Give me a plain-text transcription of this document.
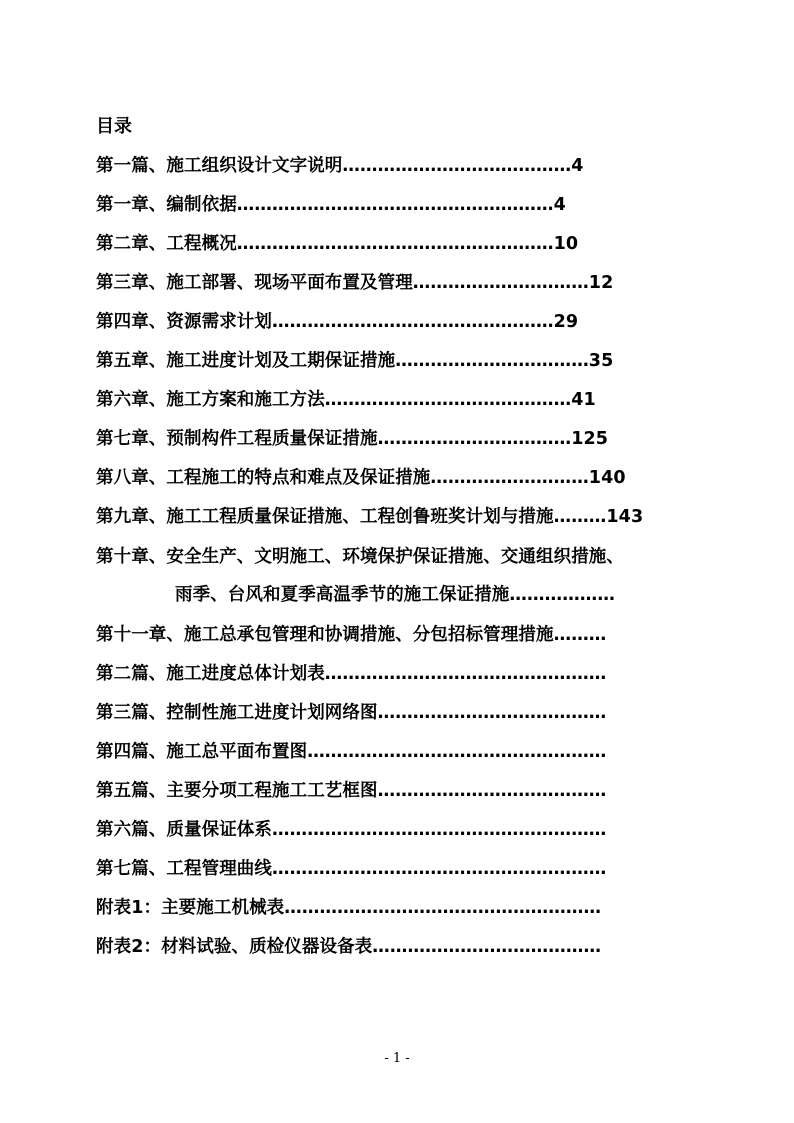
目录
第一篇、施工组织设计文字说明…………………………………4
第一章、编制依据………………………………………………4
第二章、工程概况………………………………………………10
第三章、施工部署、现场平面布置及管理…………………………12
第四章、资源需求计划…………………………………………29
第五章、施工进度计划及工期保证措施……………………………35
第六章、施工方案和施工方法……………………………………41
第七章、预制构件工程质量保证措施……………………………125
第八章、工程施工的特点和难点及保证措施………………………140
第九章、施工工程质量保证措施、工程创鲁班奖计划与措施………143
第十章、安全生产、文明施工、环境保护保证措施、交通组织措施、
雨季、台风和夏季高温季节的施工保证措施………………
第十一章、施工总承包管理和协调措施、分包招标管理措施………
第二篇、施工进度总体计划表…………………………………………
第三篇、控制性施工进度计划网络图…………………………………
第四篇、施工总平面布置图……………………………………………
第五篇、主要分项工程施工工艺框图…………………………………
第六篇、质量保证体系…………………………………………………
第七篇、工程管理曲线…………………………………………………
附表1：主要施工机械表………………………………………………
附表2：材料试验、质检仪器设备表…………………………………
- 1 -
